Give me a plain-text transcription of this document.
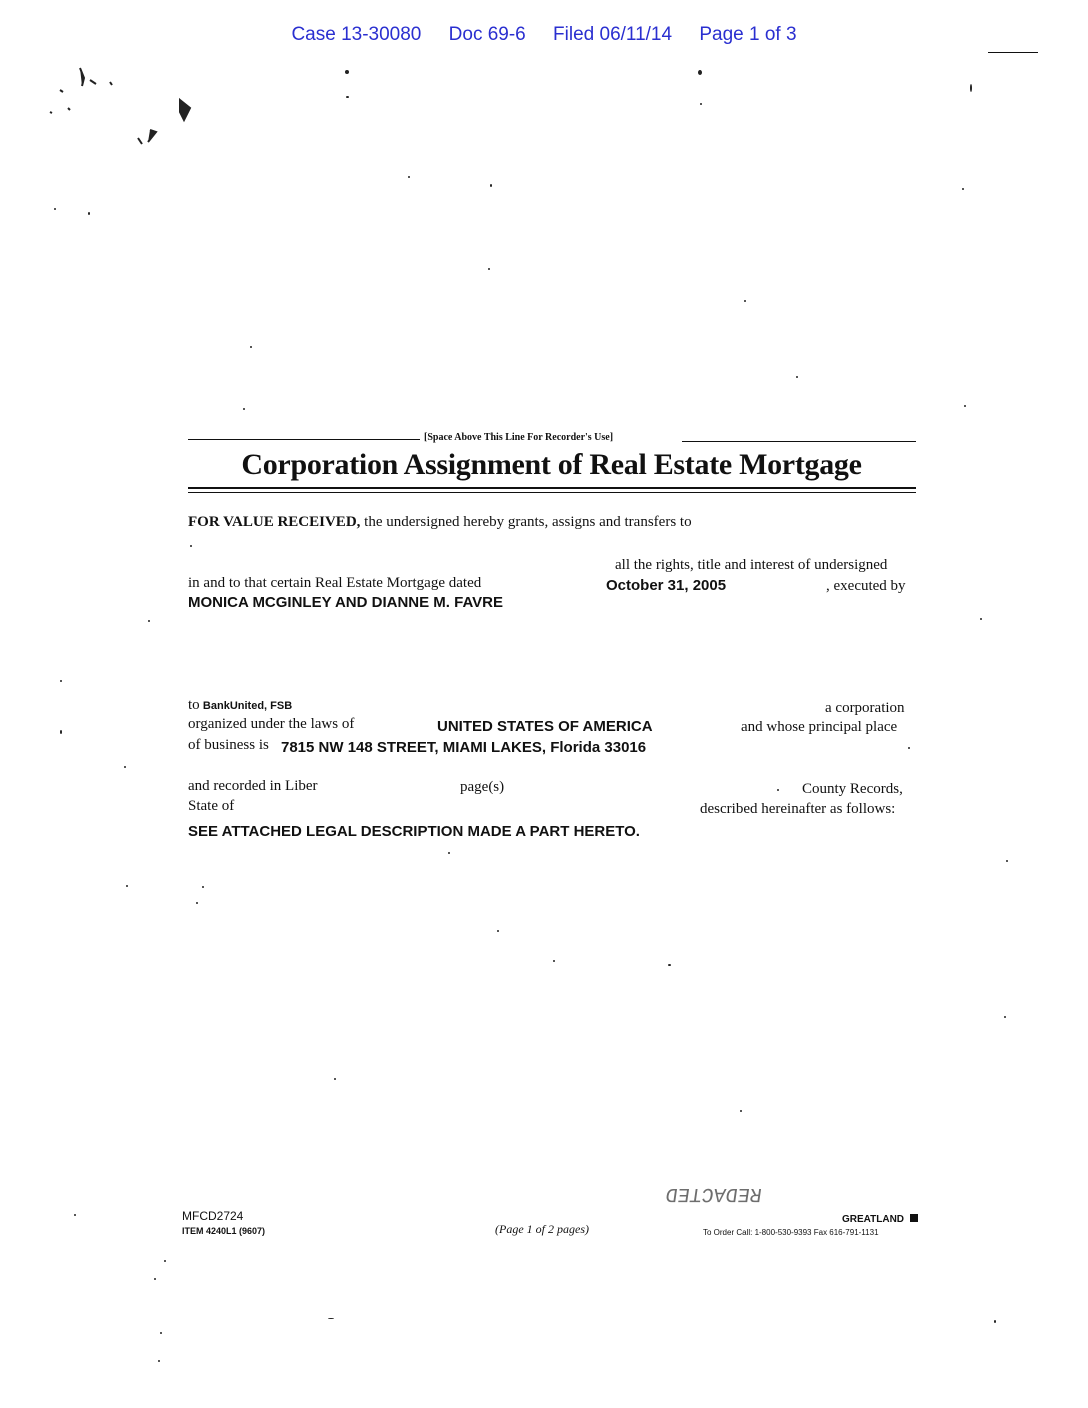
Case 13-30080 Doc 69-6 Filed 06/11/14 Page 1 of 3
[Space Above This Line For Recorder's Use]
Corporation Assignment of Real Estate Mortgage
FOR VALUE RECEIVED, the undersigned hereby grants, assigns and transfers to
all the rights, title and interest of undersigned
in and to that certain Real Estate Mortgage dated	October 31, 2005	, executed by
MONICA MCGINLEY AND DIANNE M. FAVRE
to BankUnited, FSB	a corporation
organized under the laws of	UNITED STATES OF AMERICA	and whose principal place
of business is 7815 NW 148 STREET, MIAMI LAKES, Florida 33016
and recorded in Liber	page(s)	County Records,
State of	described hereinafter as follows:
SEE ATTACHED LEGAL DESCRIPTION MADE A PART HERETO.
MFCD2724
ITEM 4240L1 (9607)	(Page 1 of 2 pages)
REDACTED
GREATLAND
To Order Call: 1-800-530-9393 Fax 616-791-1131
